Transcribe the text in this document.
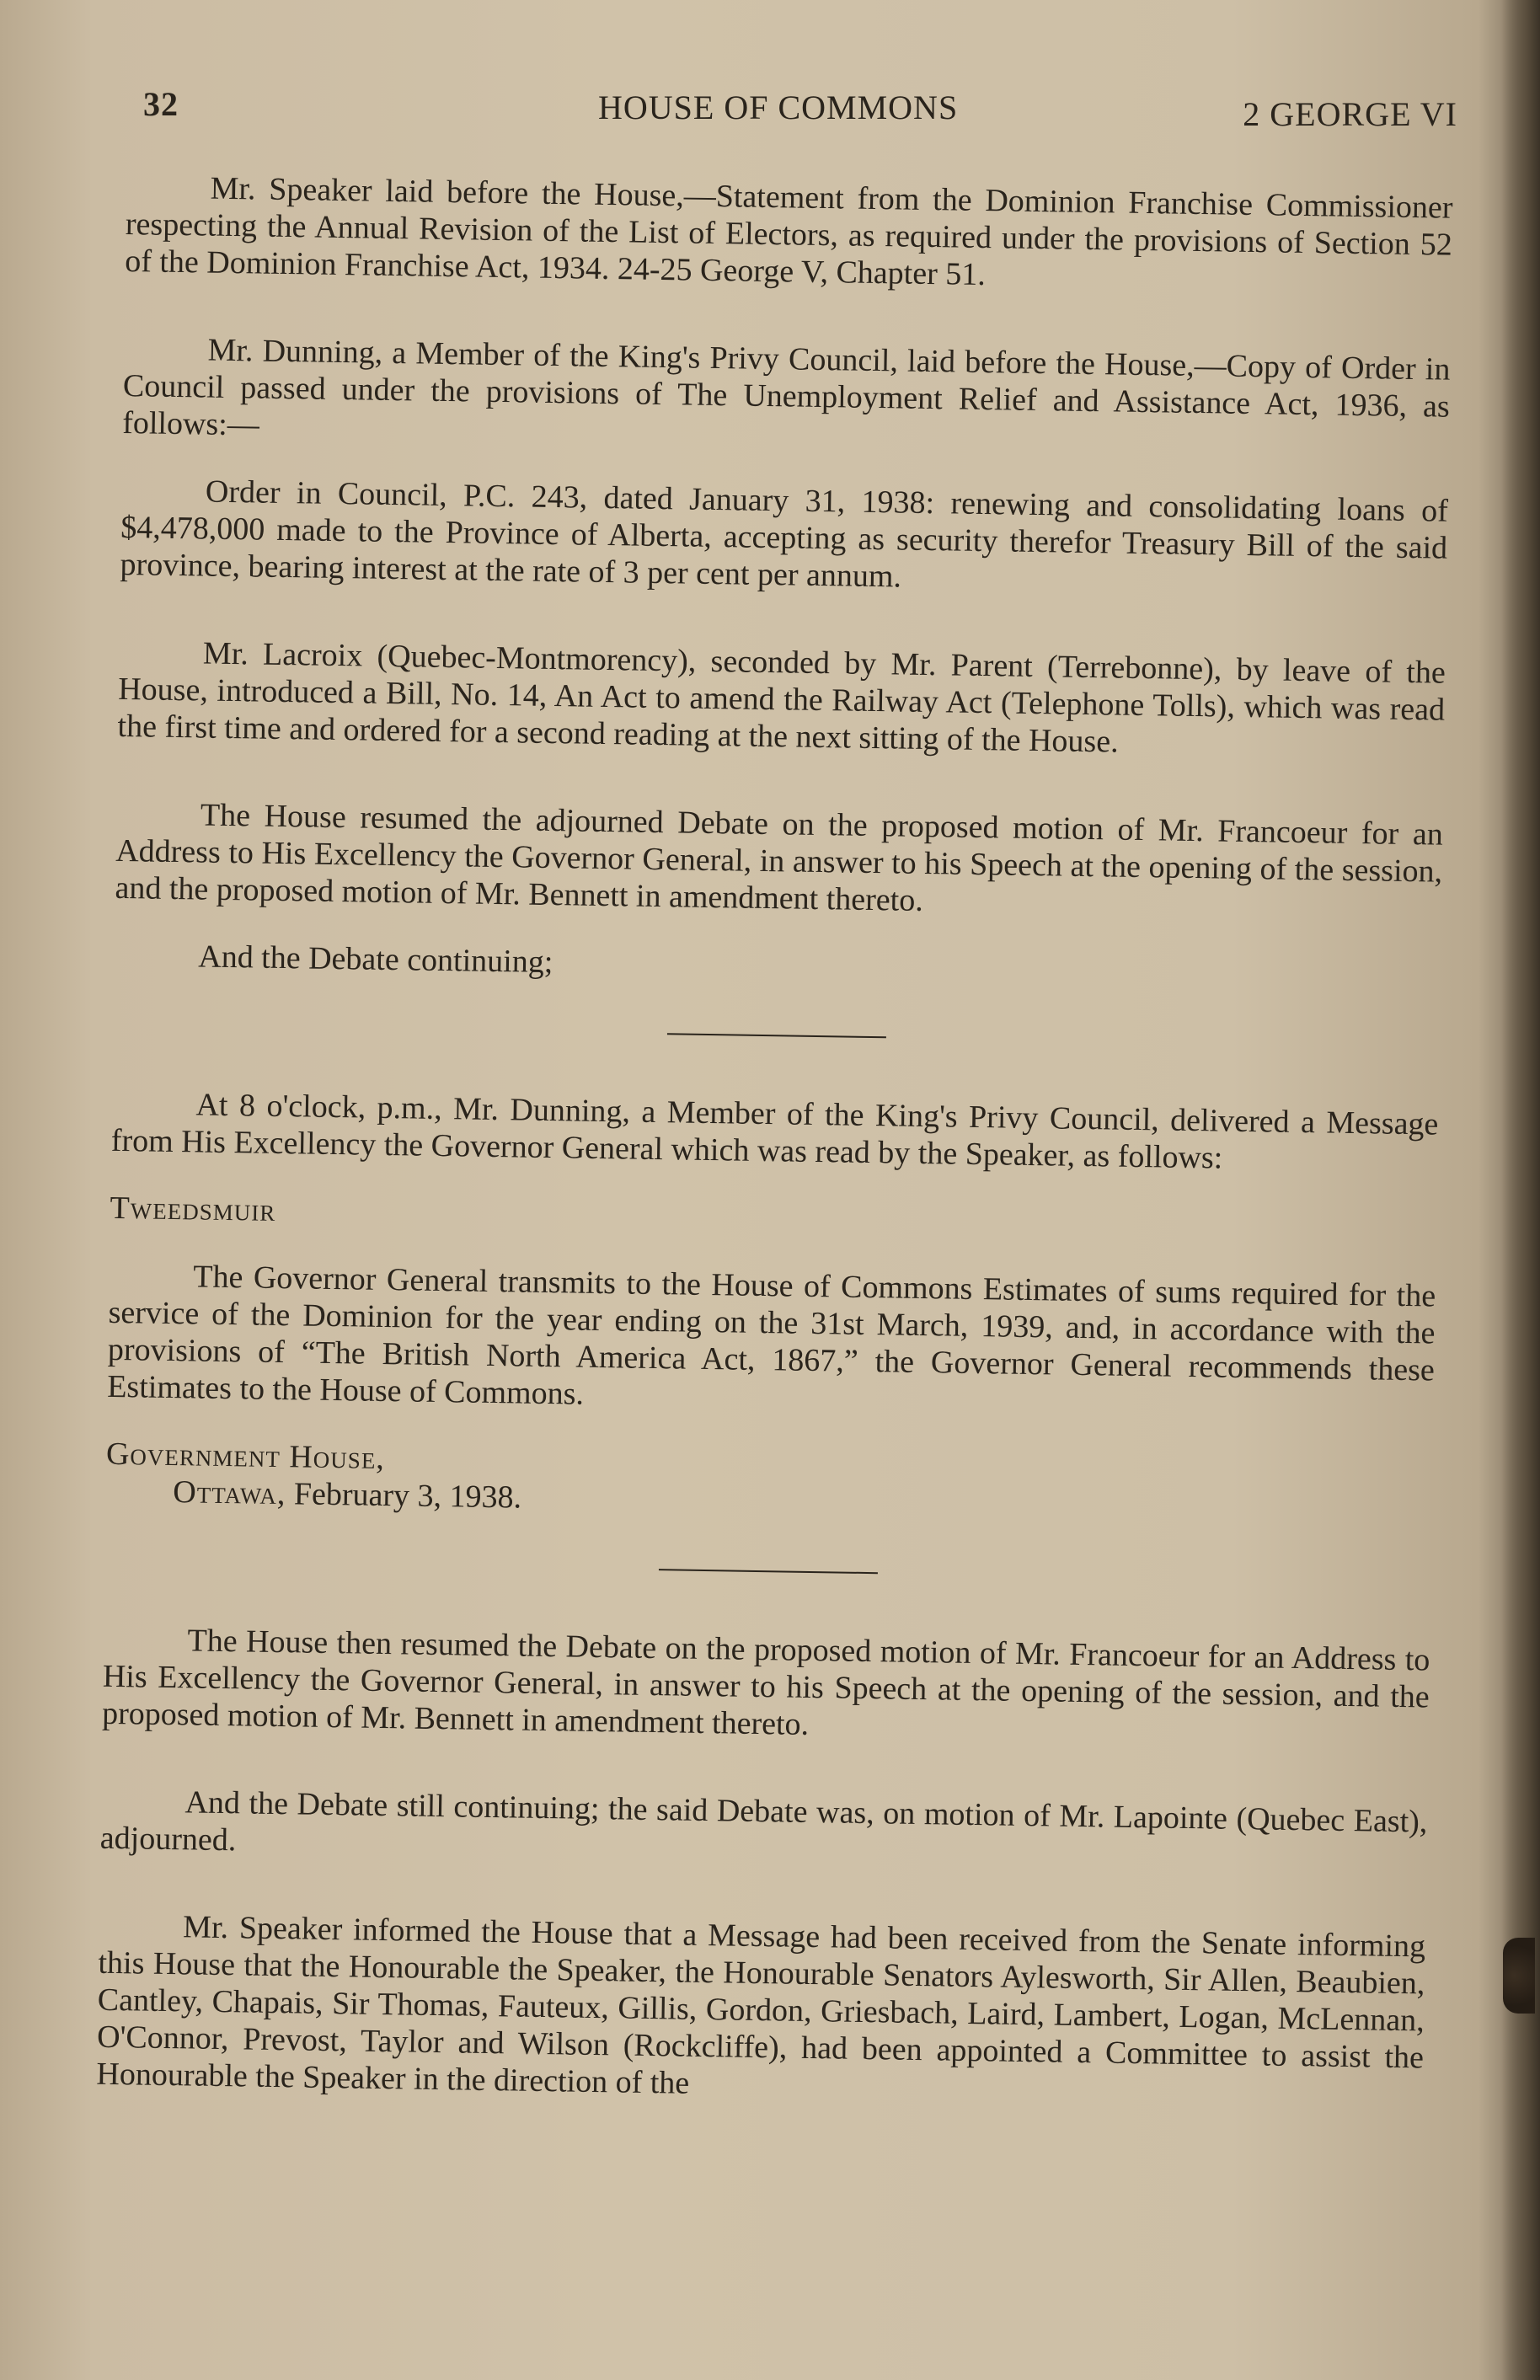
32	HOUSE OF COMMONS	2 GEORGE VI

Mr. Speaker laid before the House,—Statement from the Dominion Franchise Commissioner respecting the Annual Revision of the List of Electors, as required under the provisions of Section 52 of the Dominion Franchise Act, 1934. 24-25 George V, Chapter 51.

Mr. Dunning, a Member of the King's Privy Council, laid before the House,—Copy of Order in Council passed under the provisions of The Unemployment Relief and Assistance Act, 1936, as follows:—

Order in Council, P.C. 243, dated January 31, 1938: renewing and consolidating loans of $4,478,000 made to the Province of Alberta, accepting as security therefor Treasury Bill of the said province, bearing interest at the rate of 3 per cent per annum.

Mr. Lacroix (Quebec-Montmorency), seconded by Mr. Parent (Terrebonne), by leave of the House, introduced a Bill, No. 14, An Act to amend the Railway Act (Telephone Tolls), which was read the first time and ordered for a second reading at the next sitting of the House.

The House resumed the adjourned Debate on the proposed motion of Mr. Francoeur for an Address to His Excellency the Governor General, in answer to his Speech at the opening of the session, and the proposed motion of Mr. Bennett in amendment thereto.

And the Debate continuing;

At 8 o'clock, p.m., Mr. Dunning, a Member of the King's Privy Council, delivered a Message from His Excellency the Governor General which was read by the Speaker, as follows:

Tweedsmuir

The Governor General transmits to the House of Commons Estimates of sums required for the service of the Dominion for the year ending on the 31st March, 1939, and, in accordance with the provisions of “The British North America Act, 1867,” the Governor General recommends these Estimates to the House of Commons.

Government House,

Ottawa, February 3, 1938.

The House then resumed the Debate on the proposed motion of Mr. Francoeur for an Address to His Excellency the Governor General, in answer to his Speech at the opening of the session, and the proposed motion of Mr. Bennett in amendment thereto.

And the Debate still continuing; the said Debate was, on motion of Mr. Lapointe (Quebec East), adjourned.

Mr. Speaker informed the House that a Message had been received from the Senate informing this House that the Honourable the Speaker, the Honourable Senators Aylesworth, Sir Allen, Beaubien, Cantley, Chapais, Sir Thomas, Fauteux, Gillis, Gordon, Griesbach, Laird, Lambert, Logan, McLennan, O'Connor, Prevost, Taylor and Wilson (Rockcliffe), had been appointed a Committee to assist the Honourable the Speaker in the direction of the
